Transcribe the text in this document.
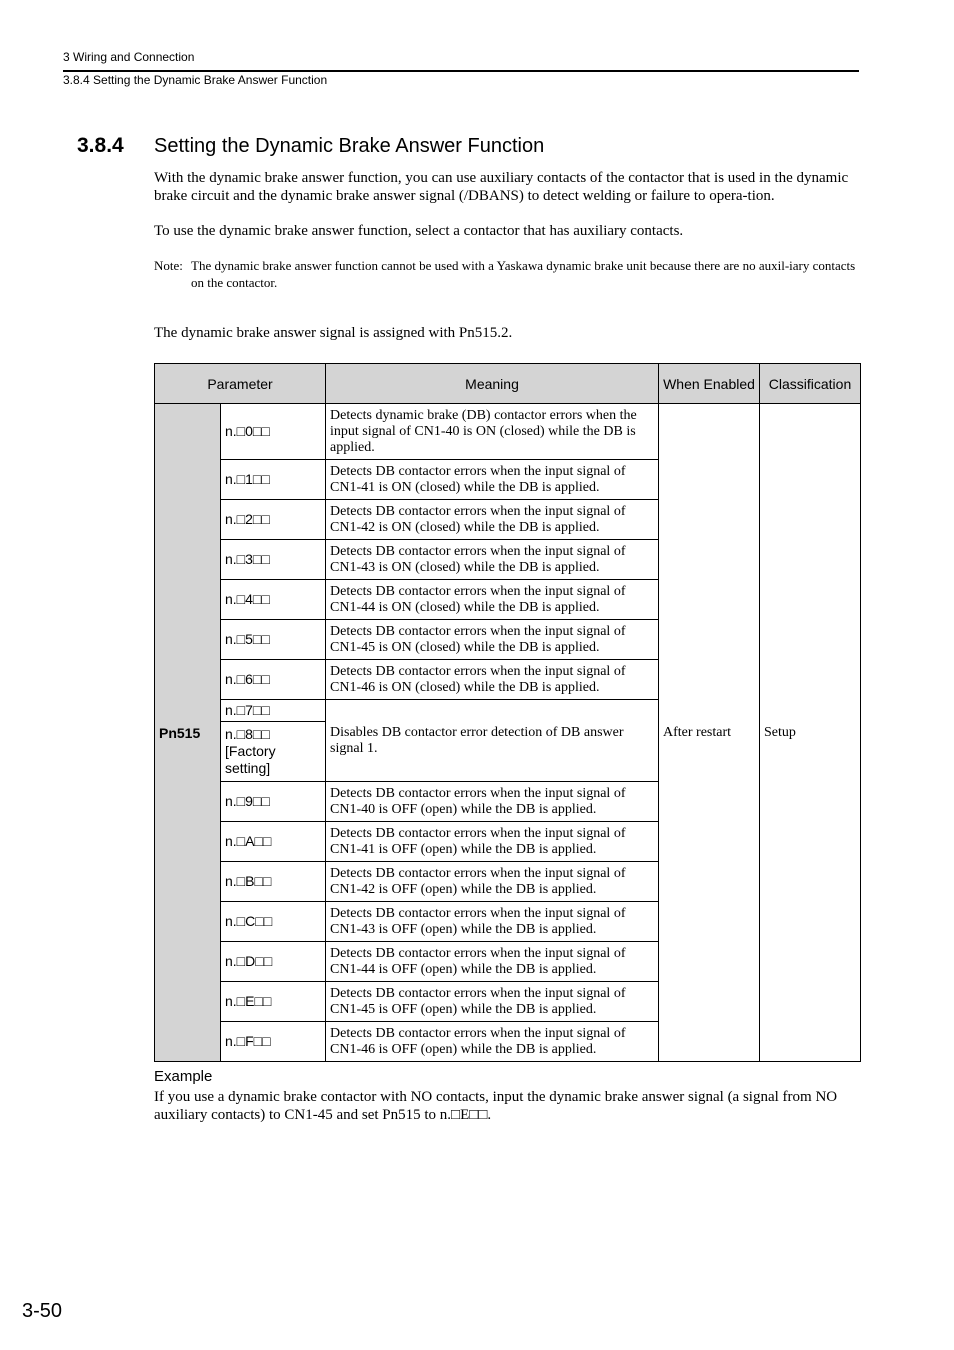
3 Wiring and Connection
3.8.4 Setting the Dynamic Brake Answer Function
3.8.4 Setting the Dynamic Brake Answer Function
With the dynamic brake answer function, you can use auxiliary contacts of the contactor that is used in the dynamic brake circuit and the dynamic brake answer signal (/DBANS) to detect welding or failure to opera-tion.
To use the dynamic brake answer function, select a contactor that has auxiliary contacts.
Note: The dynamic brake answer function cannot be used with a Yaskawa dynamic brake unit because there are no auxil-iary contacts on the contactor.
The dynamic brake answer signal is assigned with Pn515.2.
Parameter		Meaning	When Enabled	Classification
Pn515	n.□0□□	Detects dynamic brake (DB) contactor errors when the input signal of CN1-40 is ON (closed) while the DB is applied.	After restart	Setup
	n.□1□□	Detects DB contactor errors when the input signal of CN1-41 is ON (closed) while the DB is applied.		
	n.□2□□	Detects DB contactor errors when the input signal of CN1-42 is ON (closed) while the DB is applied.		
	n.□3□□	Detects DB contactor errors when the input signal of CN1-43 is ON (closed) while the DB is applied.		
	n.□4□□	Detects DB contactor errors when the input signal of CN1-44 is ON (closed) while the DB is applied.		
	n.□5□□	Detects DB contactor errors when the input signal of CN1-45 is ON (closed) while the DB is applied.		
	n.□6□□	Detects DB contactor errors when the input signal of CN1-46 is ON (closed) while the DB is applied.		
	n.□7□□	Disables DB contactor error detection of DB answer signal 1.		

	n.□8□□
[Factory setting]			

	n.□9□□	Detects DB contactor errors when the input signal of CN1-40 is OFF (open) while the DB is applied.		
	n.□A□□	Detects DB contactor errors when the input signal of CN1-41 is OFF (open) while the DB is applied.		
	n.□B□□	Detects DB contactor errors when the input signal of CN1-42 is OFF (open) while the DB is applied.		
	n.□C□□	Detects DB contactor errors when the input signal of CN1-43 is OFF (open) while the DB is applied.		
	n.□D□□	Detects DB contactor errors when the input signal of CN1-44 is OFF (open) while the DB is applied.		
	n.□E□□	Detects DB contactor errors when the input signal of CN1-45 is OFF (open) while the DB is applied.		
	n.□F□□	Detects DB contactor errors when the input signal of CN1-46 is OFF (open) while the DB is applied.		
Example
If you use a dynamic brake contactor with NO contacts, input the dynamic brake answer signal (a signal from NO auxiliary contacts) to CN1-45 and set Pn515 to n.□E□□.
3-50
